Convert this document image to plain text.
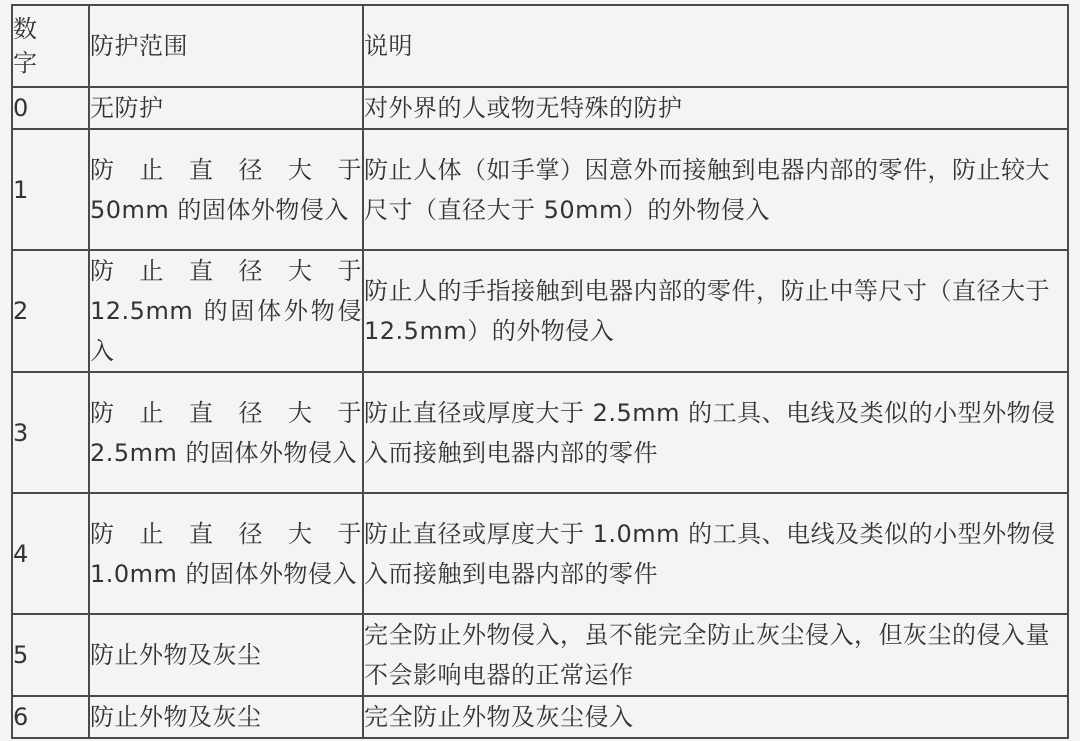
数字	防护范围	说明
0	无防护	对外界的人或物无特殊的防护
1	防 止 直 径 大 于 50mm 的固体外物侵入	防止人体（如手掌）因意外而接触到电器内部的零件，防止较大尺寸（直径大于 50mm）的外物侵入
2	防 止 直 径 大 于 12.5mm 的固体外物侵入	防止人的手指接触到电器内部的零件，防止中等尺寸（直径大于 12.5mm）的外物侵入
3	防 止 直 径 大 于 2.5mm 的固体外物侵入	防止直径或厚度大于 2.5mm 的工具、电线及类似的小型外物侵入而接触到电器内部的零件
4	防 止 直 径 大 于 1.0mm 的固体外物侵入	防止直径或厚度大于 1.0mm 的工具、电线及类似的小型外物侵入而接触到电器内部的零件
5	防止外物及灰尘	完全防止外物侵入，虽不能完全防止灰尘侵入，但灰尘的侵入量不会影响电器的正常运作
6	防止外物及灰尘	完全防止外物及灰尘侵入
